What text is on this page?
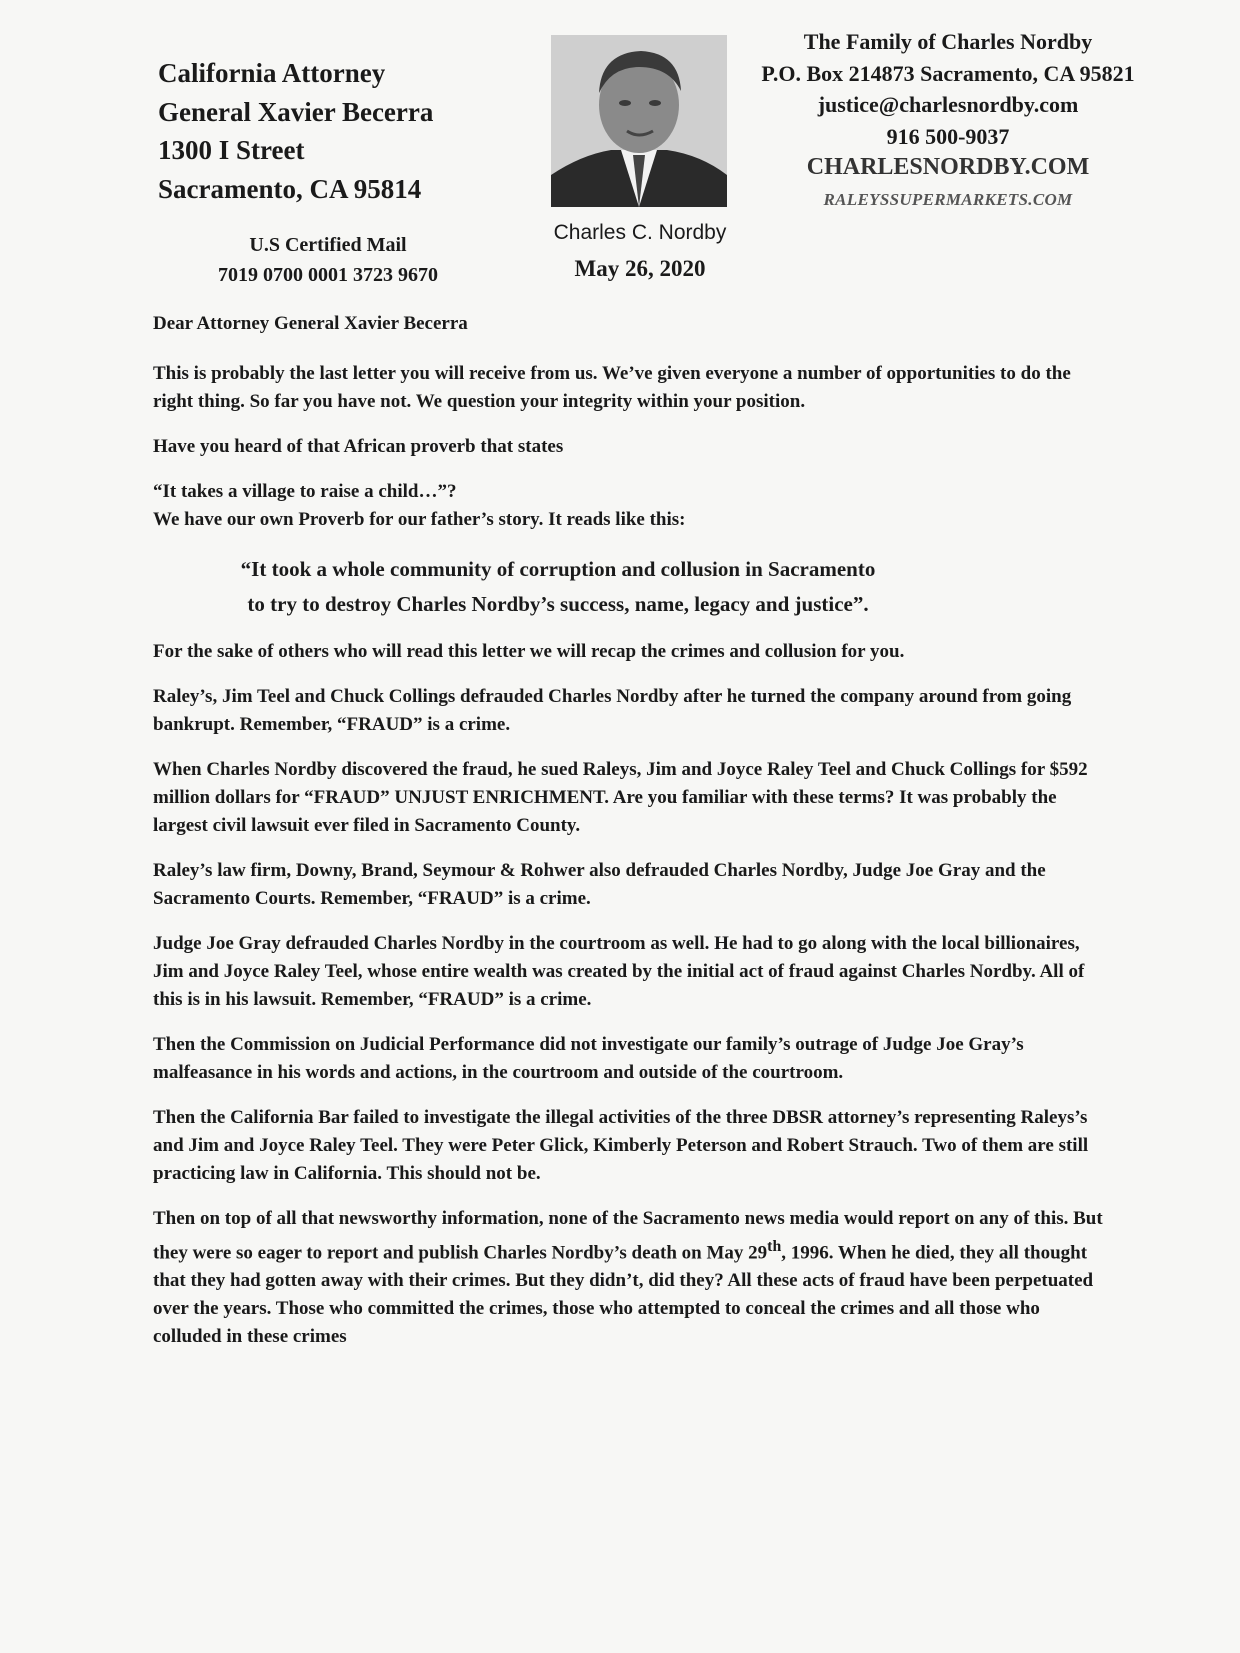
California Attorney
General Xavier Becerra
1300 I Street
Sacramento, CA 95814
U.S Certified Mail
7019 0700 0001 3723 9670
Charles C. Nordby
May 26, 2020
The Family of Charles Nordby
P.O. Box 214873 Sacramento, CA 95821
justice@charlesnordby.com
916 500-9037
CHARLESNORDBY.COM
RALEYSSUPERMARKETS.COM

Dear Attorney General Xavier Becerra

This is probably the last letter you will receive from us. We’ve given everyone a number of opportunities to do the right thing. So far you have not. We question your integrity within your position.

Have you heard of that African proverb that states

“It takes a village to raise a child…”?
We have our own Proverb for our father’s story. It reads like this:

“It took a whole community of corruption and collusion in Sacramento
to try to destroy Charles Nordby’s success, name, legacy and justice”.

For the sake of others who will read this letter we will recap the crimes and collusion for you.

Raley’s, Jim Teel and Chuck Collings defrauded Charles Nordby after he turned the company around from going bankrupt. Remember, “FRAUD” is a crime.

When Charles Nordby discovered the fraud, he sued Raleys, Jim and Joyce Raley Teel and Chuck Collings for $592 million dollars for “FRAUD” UNJUST ENRICHMENT. Are you familiar with these terms? It was probably the largest civil lawsuit ever filed in Sacramento County.

Raley’s law firm, Downy, Brand, Seymour & Rohwer also defrauded Charles Nordby, Judge Joe Gray and the Sacramento Courts. Remember, “FRAUD” is a crime.

Judge Joe Gray defrauded Charles Nordby in the courtroom as well. He had to go along with the local billionaires, Jim and Joyce Raley Teel, whose entire wealth was created by the initial act of fraud against Charles Nordby. All of this is in his lawsuit. Remember, “FRAUD” is a crime.

Then the Commission on Judicial Performance did not investigate our family’s outrage of Judge Joe Gray’s malfeasance in his words and actions, in the courtroom and outside of the courtroom.

Then the California Bar failed to investigate the illegal activities of the three DBSR attorney’s representing Raleys’s and Jim and Joyce Raley Teel. They were Peter Glick, Kimberly Peterson and Robert Strauch. Two of them are still practicing law in California. This should not be.

Then on top of all that newsworthy information, none of the Sacramento news media would report on any of this. But they were so eager to report and publish Charles Nordby’s death on May 29th, 1996. When he died, they all thought that they had gotten away with their crimes. But they didn’t, did they? All these acts of fraud have been perpetuated over the years. Those who committed the crimes, those who attempted to conceal the crimes and all those who colluded in these crimes
